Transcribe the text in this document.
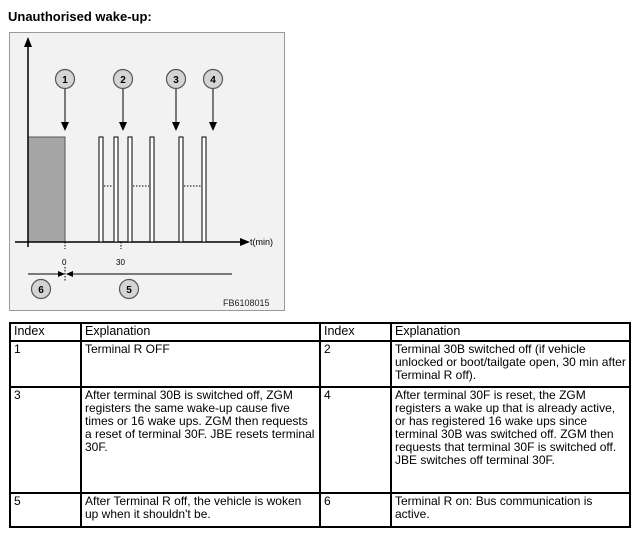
Unauthorised wake-up:
t(min)
0	30
1	2	3	4
6	5
FB6108015
Index	Explanation	Index	Explanation
1	Terminal R OFF	2	Terminal 30B switched off (if vehicle unlocked or boot/tailgate open, 30 min after Terminal R off).
3	After terminal 30B is switched off, ZGM registers the same wake-up cause five times or 16 wake ups. ZGM then requests a reset of terminal 30F. JBE resets terminal 30F.	4	After terminal 30F is reset, the ZGM registers a wake up that is already active, or has registered 16 wake ups since terminal 30B was switched off. ZGM then requests that terminal 30F is switched off. JBE switches off terminal 30F.
5	After Terminal R off, the vehicle is woken up when it shouldn't be.	6	Terminal R on: Bus communication is active.
